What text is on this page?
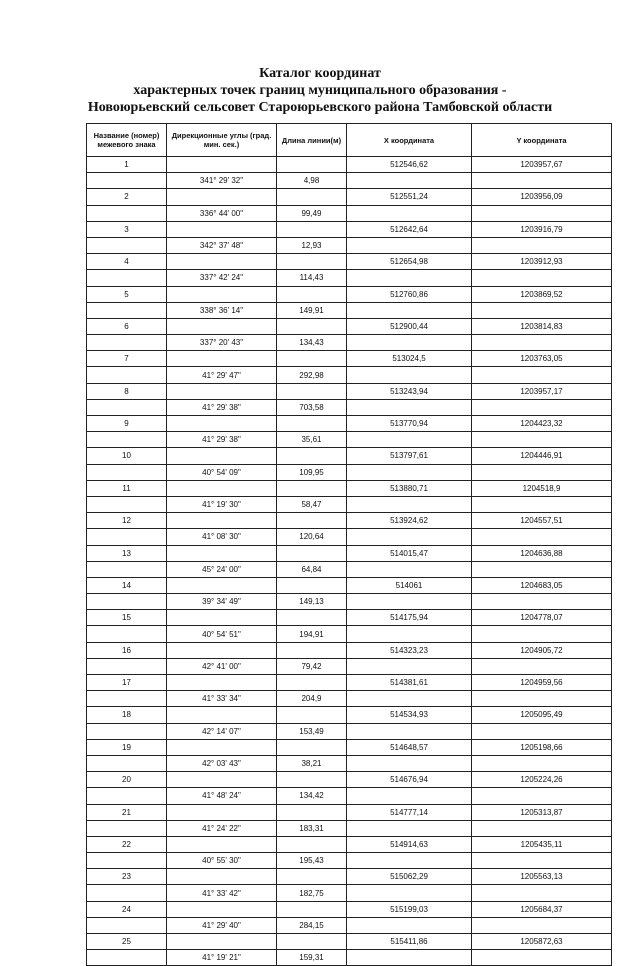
Каталог координат
характерных точек границ муниципального образования -
Новоюрьевский сельсовет Староюрьевского района Тамбовской области
Название (номер) межевого знака	Дирекционные углы (град. мин. сек.)	Длина линии(м)	X координата	Y координата
1			512546,62	1203957,67
	341° 29' 32"	4,98		
2			512551,24	1203956,09
	336° 44' 00"	99,49		
3			512642,64	1203916,79
	342° 37' 48"	12,93		
4			512654,98	1203912,93
	337° 42' 24"	114,43		
5			512760,86	1203869,52
	338° 36' 14"	149,91		
6			512900,44	1203814,83
	337° 20' 43"	134,43		
7			513024,5	1203763,05
	41° 29' 47"	292,98		
8			513243,94	1203957,17
	41° 29' 38"	703,58		
9			513770,94	1204423,32
	41° 29' 38"	35,61		
10			513797,61	1204446,91
	40° 54' 09"	109,95		
11			513880,71	1204518,9
	41° 19' 30"	58,47		
12			513924,62	1204557,51
	41° 08' 30"	120,64		
13			514015,47	1204636,88
	45° 24' 00"	64,84		
14			514061	1204683,05
	39° 34' 49"	149,13		
15			514175,94	1204778,07
	40° 54' 51"	194,91		
16			514323,23	1204905,72
	42° 41' 00"	79,42		
17			514381,61	1204959,56
	41° 33' 34"	204,9		
18			514534,93	1205095,49
	42° 14' 07"	153,49		
19			514648,57	1205198,66
	42° 03' 43"	38,21		
20			514676,94	1205224,26
	41° 48' 24"	134,42		
21			514777,14	1205313,87
	41° 24' 22"	183,31		
22			514914,63	1205435,11
	40° 55' 30"	195,43		
23			515062,29	1205563,13
	41° 33' 42"	182,75		
24			515199,03	1205684,37
	41° 29' 40"	284,15		
25			515411,86	1205872,63
	41° 19' 21"	159,31		
